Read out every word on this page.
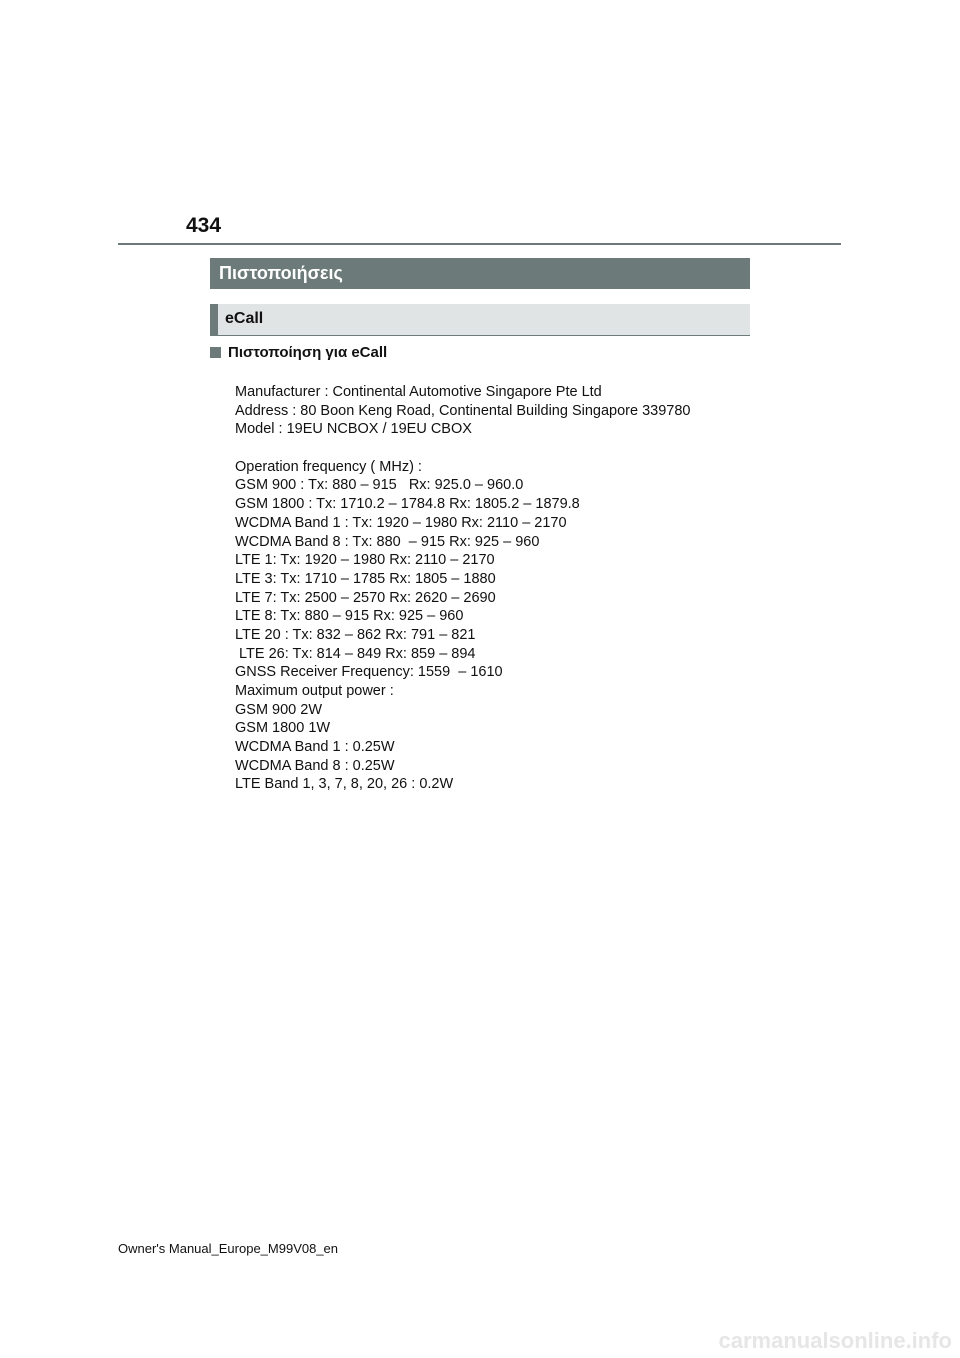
434
Πιστοποιήσεις
eCall
Πιστοποίηση για eCall
Manufacturer : Continental Automotive Singapore Pte Ltd
Address : 80 Boon Keng Road, Continental Building Singapore 339780
Model : 19EU NCBOX / 19EU CBOX
Operation frequency ( MHz) :
GSM 900 : Tx: 880 – 915   Rx: 925.0 – 960.0
GSM 1800 : Tx: 1710.2 – 1784.8 Rx: 1805.2 – 1879.8
WCDMA Band 1 : Tx: 1920 – 1980 Rx: 2110 – 2170
WCDMA Band 8 : Tx: 880  – 915 Rx: 925 – 960
LTE 1: Tx: 1920 – 1980 Rx: 2110 – 2170
LTE 3: Tx: 1710 – 1785 Rx: 1805 – 1880
LTE 7: Tx: 2500 – 2570 Rx: 2620 – 2690
LTE 8: Tx: 880 – 915 Rx: 925 – 960
LTE 20 : Tx: 832 – 862 Rx: 791 – 821
LTE 26: Tx: 814 – 849 Rx: 859 – 894
GNSS Receiver Frequency: 1559  – 1610
Maximum output power :
GSM 900 2W
GSM 1800 1W
WCDMA Band 1 : 0.25W
WCDMA Band 8 : 0.25W
LTE Band 1, 3, 7, 8, 20, 26 : 0.2W
Owner's Manual_Europe_M99V08_en
carmanualsonline.info
